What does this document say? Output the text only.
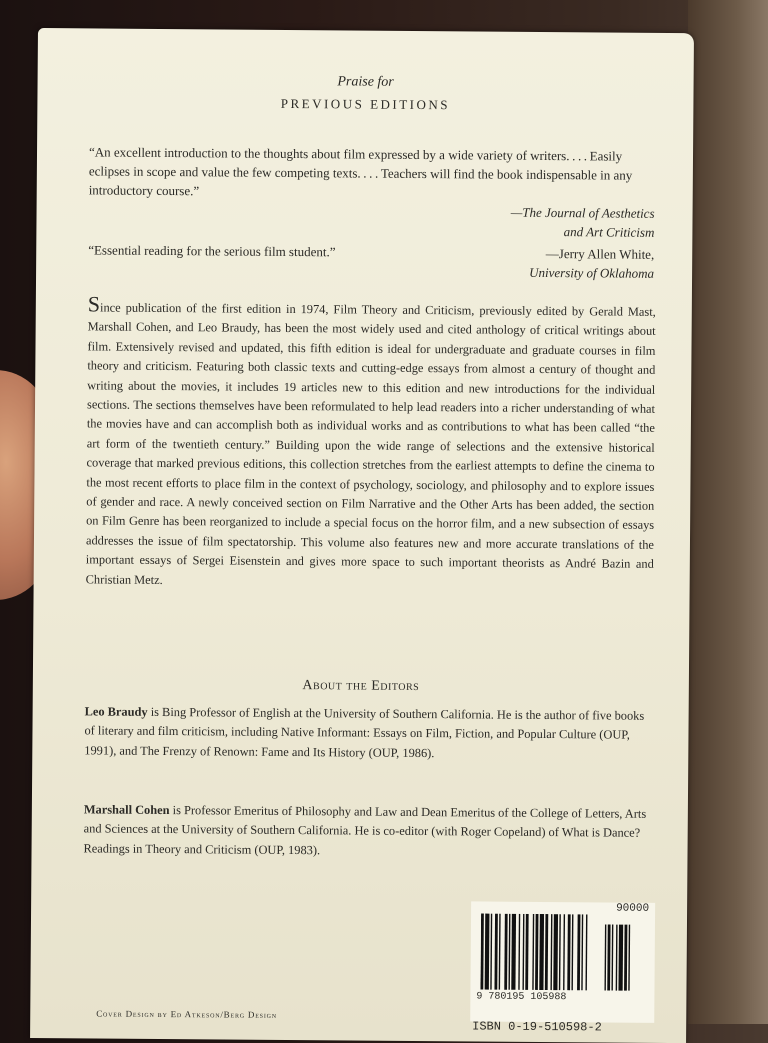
Praise for
PREVIOUS EDITIONS
“An excellent introduction to the thoughts about film expressed by a wide variety of writers. . . . Easily eclipses in scope and value the few competing texts. . . . Teachers will find the book indispensable in any introductory course.”
—The Journal of Aesthetics
and Art Criticism
“Essential reading for the serious film student.”	—Jerry Allen White,
University of Oklahoma
Since publication of the first edition in 1974, Film Theory and Criticism, previously edited by Gerald Mast, Marshall Cohen, and Leo Braudy, has been the most widely used and cited anthology of critical writings about film. Extensively revised and updated, this fifth edition is ideal for undergraduate and graduate courses in film theory and criticism. Featuring both classic texts and cutting-edge essays from almost a century of thought and writing about the movies, it includes 19 articles new to this edition and new introductions for the individual sections. The sections themselves have been reformulated to help lead readers into a richer understanding of what the movies have and can accomplish both as individual works and as contributions to what has been called “the art form of the twentieth century.” Building upon the wide range of selections and the extensive historical coverage that marked previous editions, this collection stretches from the earliest attempts to define the cinema to the most recent efforts to place film in the context of psychology, sociology, and philosophy and to explore issues of gender and race. A newly conceived section on Film Narrative and the Other Arts has been added, the section on Film Genre has been reorganized to include a special focus on the horror film, and a new subsection of essays addresses the issue of film spectatorship. This volume also features new and more accurate translations of the important essays of Sergei Eisenstein and gives more space to such important theorists as André Bazin and Christian Metz.
About the Editors
Leo Braudy is Bing Professor of English at the University of Southern California. He is the author of five books of literary and film criticism, including Native Informant: Essays on Film, Fiction, and Popular Culture (OUP, 1991), and The Frenzy of Renown: Fame and Its History (OUP, 1986).
Marshall Cohen is Professor Emeritus of Philosophy and Law and Dean Emeritus of the College of Letters, Arts and Sciences at the University of Southern California. He is co-editor (with Roger Copeland) of What is Dance? Readings in Theory and Criticism (OUP, 1983).
90000
9 780195 105988
ISBN 0-19-510598-2
Cover Design by Ed Atkeson/Berg Design
